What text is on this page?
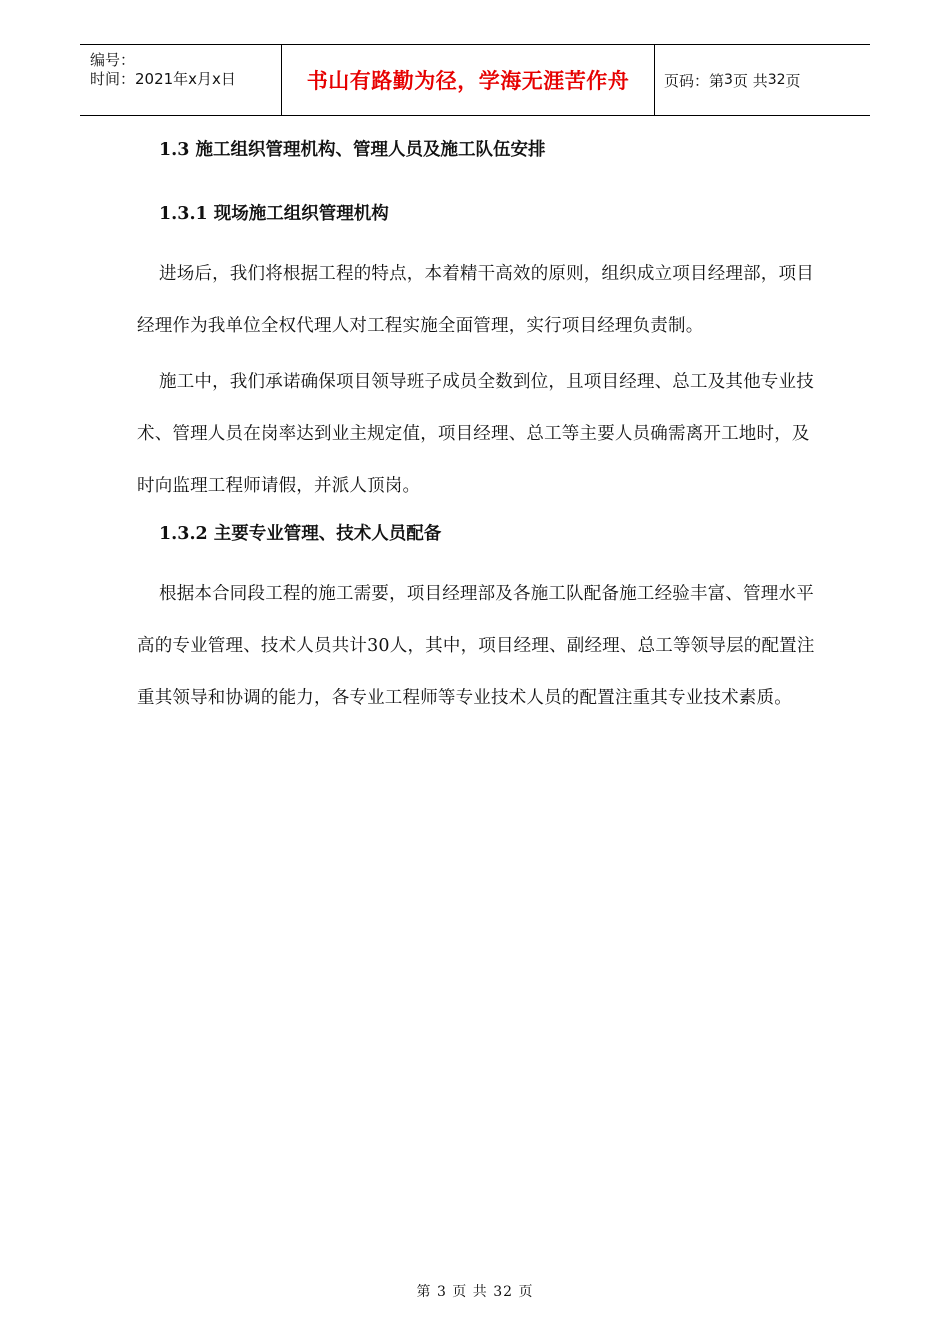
编号：
时间：2021年x月x日	书山有路勤为径，学海无涯苦作舟 页码：第 3 页 共 32 页
1.3 施工组织管理机构、管理人员及施工队伍安排
1.3.1 现场施工组织管理机构
进场后，我们将根据工程的特点，本着精干高效的原则，组织成立项目经理部，项目经理作为我单位全权代理人对工程实施全面管理，实行项目经理负责制。
施工中，我们承诺确保项目领导班子成员全数到位，且项目经理、总工及其他专业技术、管理人员在岗率达到业主规定值，项目经理、总工等主要人员确需离开工地时，及时向监理工程师请假，并派人顶岗。
1.3.2 主要专业管理、技术人员配备
根据本合同段工程的施工需要，项目经理部及各施工队配备施工经验丰富、管理水平高的专业管理、技术人员共计30人，其中，项目经理、副经理、总工等领导层的配置注重其领导和协调的能力，各专业工程师等专业技术人员的配置注重其专业技术素质。
第 3 页 共 32 页
